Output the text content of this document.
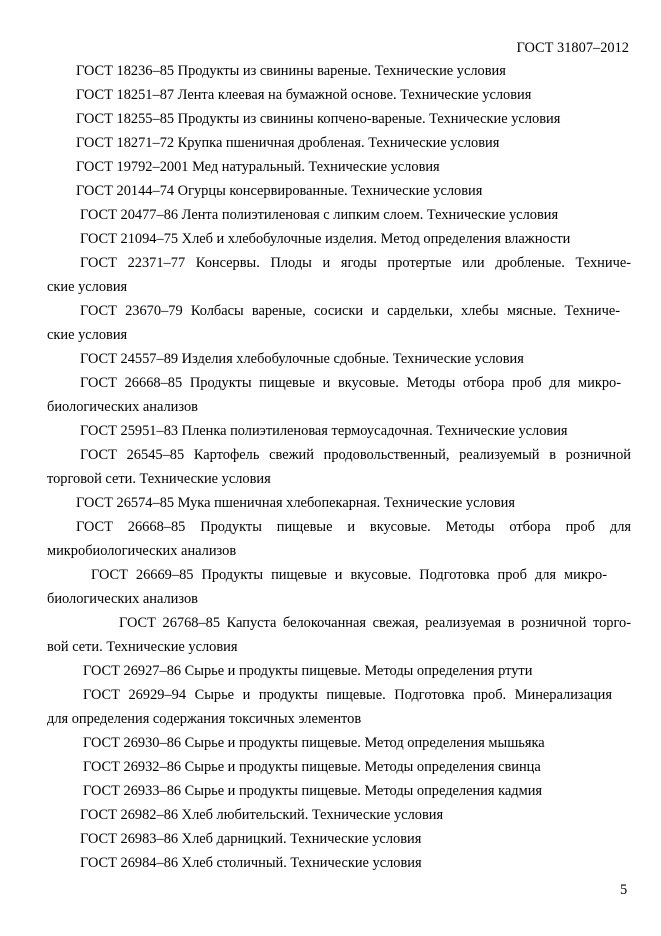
ГОСТ 31807–2012
ГОСТ 18236–85 Продукты из свинины вареные. Технические условия
ГОСТ 18251–87 Лента клеевая на бумажной основе. Технические условия
ГОСТ 18255–85 Продукты из свинины копчено-вареные. Технические условия
ГОСТ 18271–72 Крупка пшеничная дробленая. Технические условия
ГОСТ 19792–2001 Мед натуральный. Технические условия
ГОСТ 20144–74 Огурцы консервированные. Технические условия
ГОСТ 20477–86 Лента полиэтиленовая с липким слоем. Технические условия
ГОСТ 21094–75 Хлеб и хлебобулочные изделия. Метод определения влажности
ГОСТ 22371–77 Консервы. Плоды и ягоды протертые или дробленые. Техниче-
ские условия
ГОСТ 23670–79 Колбасы вареные, сосиски и сардельки, хлебы мясные. Техниче-
ские условия
ГОСТ 24557–89 Изделия хлебобулочные сдобные. Технические условия
ГОСТ 26668–85 Продукты пищевые и вкусовые. Методы отбора проб для микро-
биологических анализов
ГОСТ 25951–83 Пленка полиэтиленовая термоусадочная. Технические условия
ГОСТ 26545–85 Картофель свежий продовольственный, реализуемый в розничной
торговой сети. Технические условия
ГОСТ 26574–85 Мука пшеничная хлебопекарная. Технические условия
ГОСТ 26668–85 Продукты пищевые и вкусовые. Методы отбора проб для
микробиологических анализов
ГОСТ 26669–85 Продукты пищевые и вкусовые. Подготовка проб для микро-
биологических анализов
ГОСТ 26768–85 Капуста белокочанная свежая, реализуемая в розничной торго-
вой сети. Технические условия
ГОСТ 26927–86 Сырье и продукты пищевые. Методы определения ртути
ГОСТ 26929–94 Сырье и продукты пищевые. Подготовка проб. Минерализация
для определения содержания токсичных элементов
ГОСТ 26930–86 Сырье и продукты пищевые. Метод определения мышьяка
ГОСТ 26932–86 Сырье и продукты пищевые. Методы определения свинца
ГОСТ 26933–86 Сырье и продукты пищевые. Методы определения кадмия
ГОСТ 26982–86 Хлеб любительский. Технические условия
ГОСТ 26983–86 Хлеб дарницкий. Технические условия
ГОСТ 26984–86 Хлеб столичный. Технические условия
5
